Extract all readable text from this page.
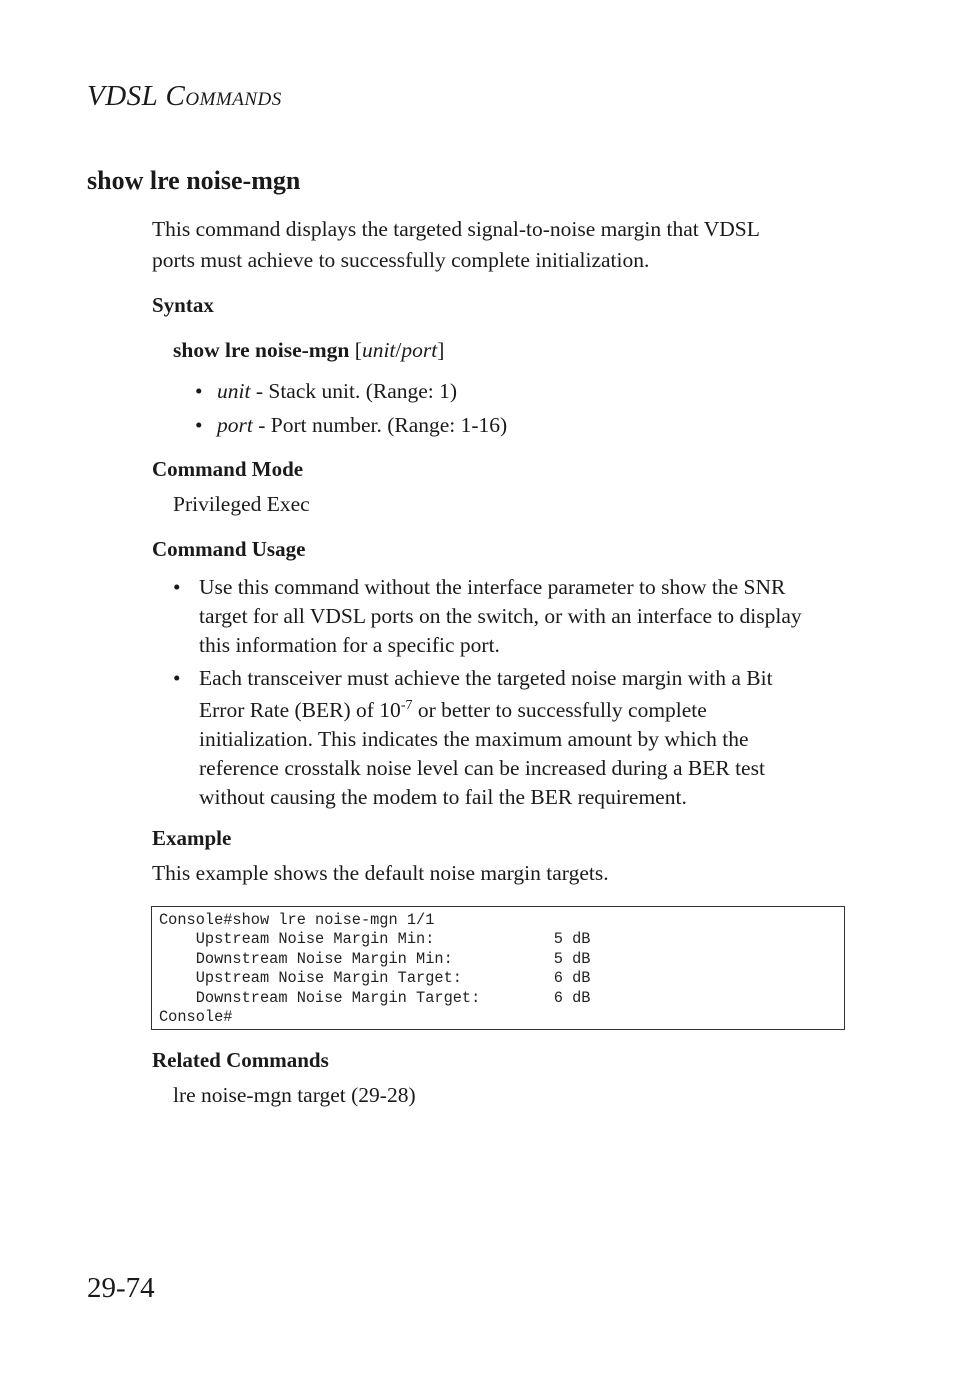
VDSL COMMANDS
show lre noise-mgn
This command displays the targeted signal-to-noise margin that VDSL
ports must achieve to successfully complete initialization.
Syntax
show lre noise-mgn [unit/port]
• unit - Stack unit. (Range: 1)
• port - Port number. (Range: 1-16)
Command Mode
Privileged Exec
Command Usage
• Use this command without the interface parameter to show the SNR
target for all VDSL ports on the switch, or with an interface to display
this information for a specific port.
• Each transceiver must achieve the targeted noise margin with a Bit
Error Rate (BER) of $10^{-7}$ or better to successfully complete
initialization. This indicates the maximum amount by which the
reference crosstalk noise level can be increased during a BER test
without causing the modem to fail the BER requirement.
Example
This example shows the default noise margin targets.
Console#show lre noise-mgn 1/1
Upstream Noise Margin Min:             5 dB
Downstream Noise Margin Min:           5 dB
Upstream Noise Margin Target:          6 dB
Downstream Noise Margin Target:        6 dB
Console#
Related Commands
lre noise-mgn target (29-28)
29-74
